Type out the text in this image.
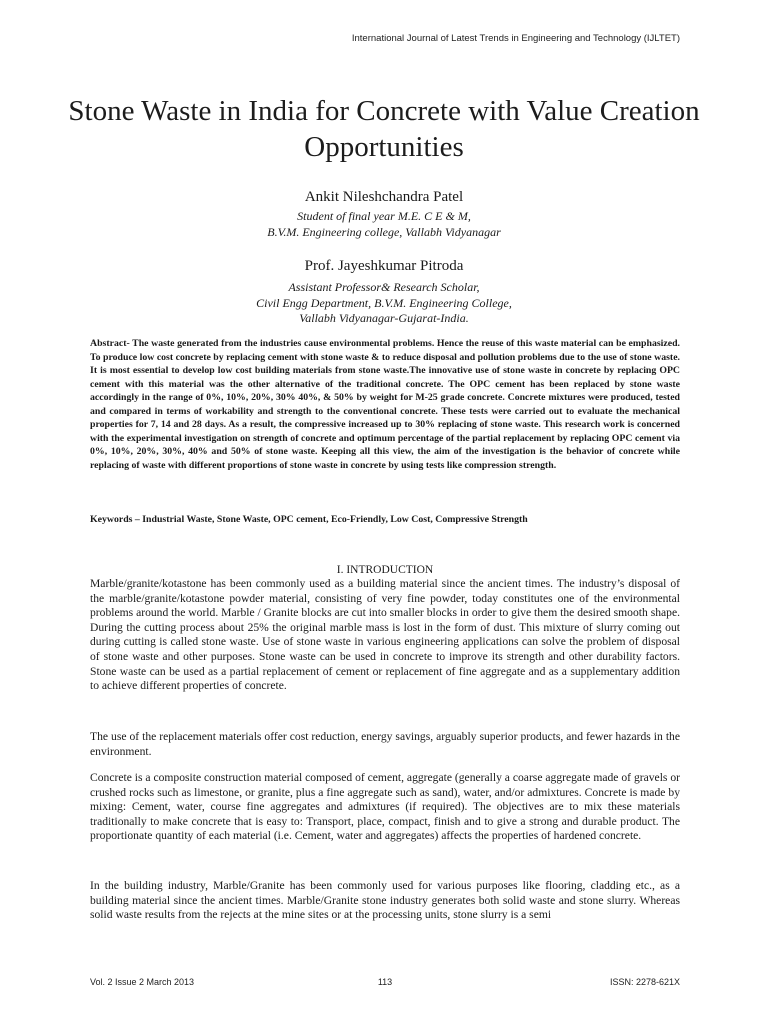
International Journal of Latest Trends in Engineering and Technology (IJLTET)
Stone Waste in India for Concrete with Value Creation Opportunities
Ankit Nileshchandra Patel
Student of final year M.E. C E & M,
B.V.M. Engineering college, Vallabh Vidyanagar
Prof. Jayeshkumar Pitroda
Assistant Professor& Research Scholar,
Civil Engg Department, B.V.M. Engineering College,
Vallabh Vidyanagar-Gujarat-India.

Abstract- The waste generated from the industries cause environmental problems. Hence the reuse of this waste material can be emphasized. To produce low cost concrete by replacing cement with stone waste & to reduce disposal and pollution problems due to the use of stone waste. It is most essential to develop low cost building materials from stone waste.The innovative use of stone waste in concrete by replacing OPC cement with this material was the other alternative of the traditional concrete. The OPC cement has been replaced by stone waste accordingly in the range of 0%, 10%, 20%, 30% 40%, & 50% by weight for M-25 grade concrete. Concrete mixtures were produced, tested and compared in terms of workability and strength to the conventional concrete. These tests were carried out to evaluate the mechanical properties for 7, 14 and 28 days. As a result, the compressive increased up to 30% replacing of stone waste. This research work is concerned with the experimental investigation on strength of concrete and optimum percentage of the partial replacement by replacing OPC cement via 0%, 10%, 20%, 30%, 40% and 50% of stone waste. Keeping all this view, the aim of the investigation is the behavior of concrete while replacing of waste with different proportions of stone waste in concrete by using tests like compression strength.

Keywords – Industrial Waste, Stone Waste, OPC cement, Eco-Friendly, Low Cost, Compressive Strength

I. INTRODUCTION

Marble/granite/kotastone has been commonly used as a building material since the ancient times. The industry’s disposal of the marble/granite/kotastone powder material, consisting of very fine powder, today constitutes one of the environmental problems around the world. Marble / Granite blocks are cut into smaller blocks in order to give them the desired smooth shape. During the cutting process about 25% the original marble mass is lost in the form of dust. This mixture of slurry coming out during cutting is called stone waste. Use of stone waste in various engineering applications can solve the problem of disposal of stone waste and other purposes. Stone waste can be used in concrete to improve its strength and other durability factors. Stone waste can be used as a partial replacement of cement or replacement of fine aggregate and as a supplementary addition to achieve different properties of concrete.

The use of the replacement materials offer cost reduction, energy savings, arguably superior products, and fewer hazards in the environment.

Concrete is a composite construction material composed of cement, aggregate (generally a coarse aggregate made of gravels or crushed rocks such as limestone, or granite, plus a fine aggregate such as sand), water, and/or admixtures. Concrete is made by mixing: Cement, water, course fine aggregates and admixtures (if required). The objectives are to mix these materials traditionally to make concrete that is easy to: Transport, place, compact, finish and to give a strong and durable product. The proportionate quantity of each material (i.e. Cement, water and aggregates) affects the properties of hardened concrete.

In the building industry, Marble/Granite has been commonly used for various purposes like flooring, cladding etc., as a building material since the ancient times. Marble/Granite stone industry generates both solid waste and stone slurry. Whereas solid waste results from the rejects at the mine sites or at the processing units, stone slurry is a semi

Vol. 2 Issue 2 March 2013	113	ISSN: 2278-621X
